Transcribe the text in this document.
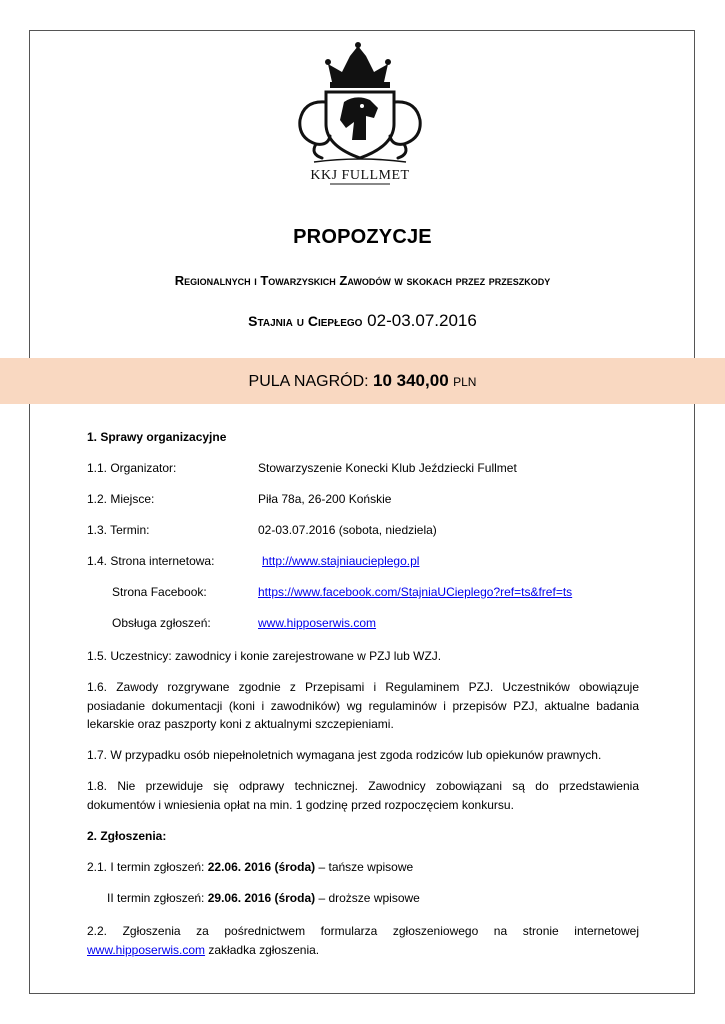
KKJ FULLMET
PROPOZYCJE
Regionalnych i Towarzyskich Zawodów w skokach przez przeszkody
Stajnia u Ciepłego 02-03.07.2016
PULA NAGRÓD: 10 340,00 PLN
1. Sprawy organizacyjne
1.1. Organizator:	Stowarzyszenie Konecki Klub Jeździecki Fullmet
1.2. Miejsce:	Piła 78a, 26-200 Końskie
1.3. Termin:	02-03.07.2016 (sobota, niedziela)
1.4. Strona internetowa:	http://www.stajniaucieplego.pl
Strona Facebook:	https://www.facebook.com/StajniaUCieplego?ref=ts&fref=ts
Obsługa zgłoszeń:	www.hipposerwis.com
1.5. Uczestnicy: zawodnicy i konie zarejestrowane w PZJ lub WZJ.
1.6. Zawody rozgrywane zgodnie z Przepisami i Regulaminem PZJ. Uczestników obowiązuje posiadanie dokumentacji (koni i zawodników) wg regulaminów i przepisów PZJ, aktualne badania lekarskie oraz paszporty koni z aktualnymi szczepieniami.
1.7. W przypadku osób niepełnoletnich wymagana jest zgoda rodziców lub opiekunów prawnych.
1.8. Nie przewiduje się odprawy technicznej. Zawodnicy zobowiązani są do przedstawienia dokumentów i wniesienia opłat na min. 1 godzinę przed rozpoczęciem konkursu.
2. Zgłoszenia:
2.1. I termin zgłoszeń: 22.06. 2016 (środa) – tańsze wpisowe
II termin zgłoszeń: 29.06. 2016 (środa) – droższe wpisowe
2.2. Zgłoszenia za pośrednictwem formularza zgłoszeniowego na stronie internetowej www.hipposerwis.com zakładka zgłoszenia.
